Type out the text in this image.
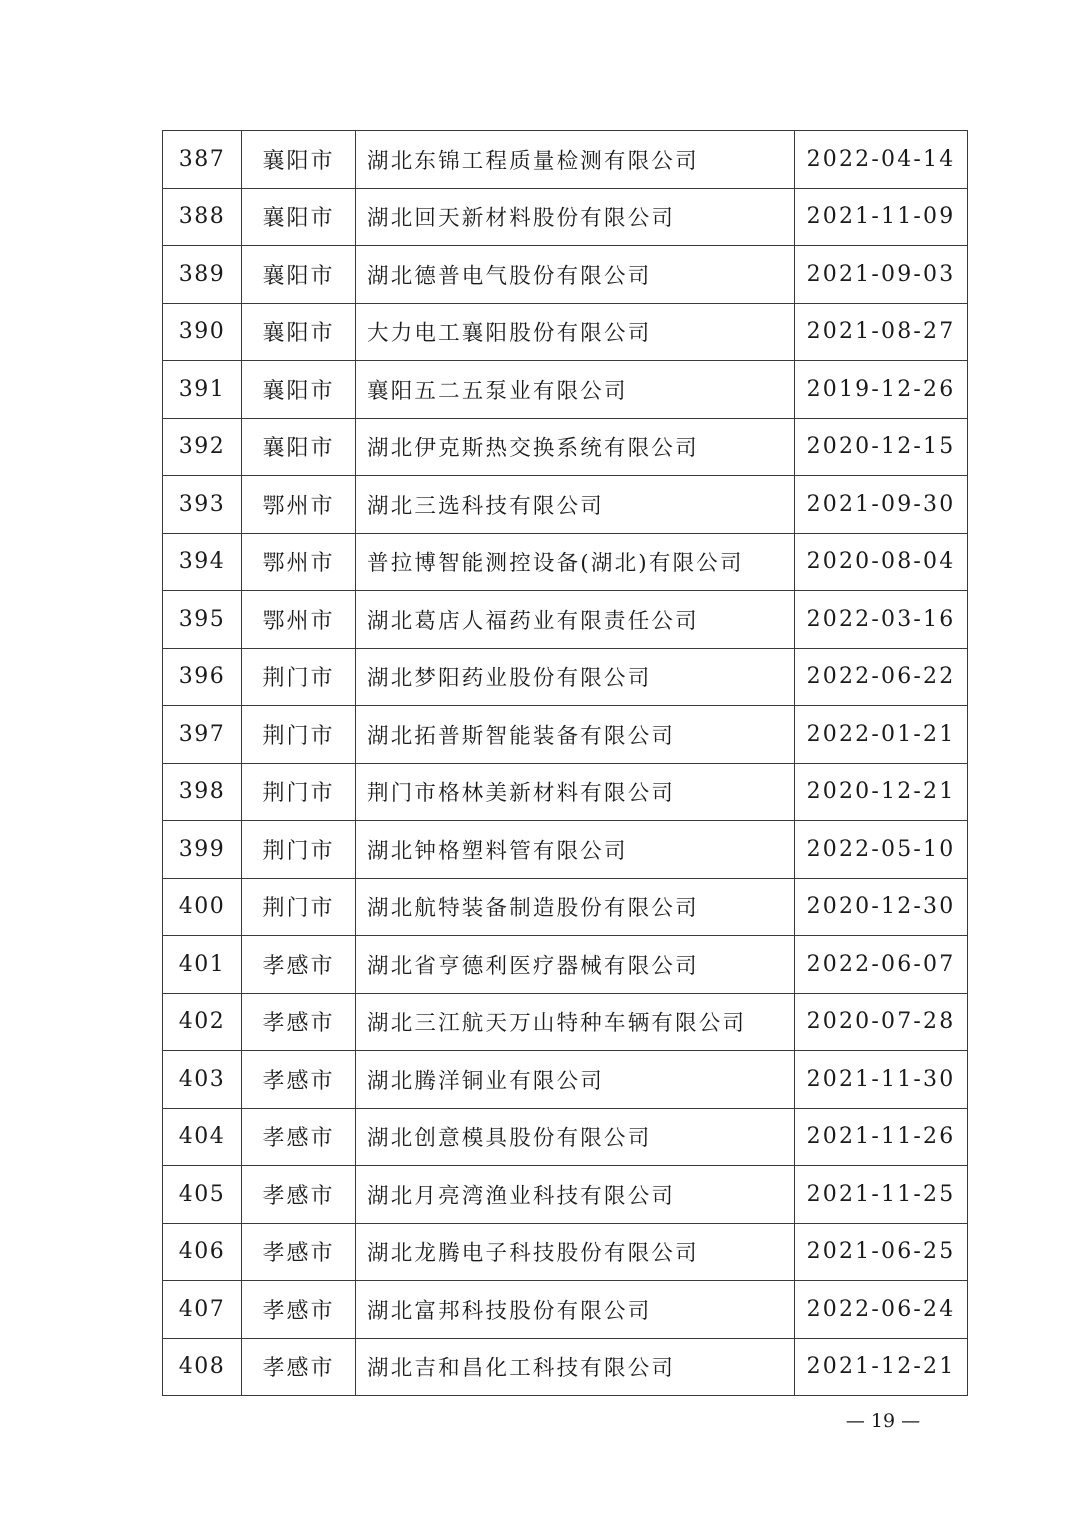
387	襄阳市	湖北东锦工程质量检测有限公司	2022-04-14
388	襄阳市	湖北回天新材料股份有限公司	2021-11-09
389	襄阳市	湖北德普电气股份有限公司	2021-09-03
390	襄阳市	大力电工襄阳股份有限公司	2021-08-27
391	襄阳市	襄阳五二五泵业有限公司	2019-12-26
392	襄阳市	湖北伊克斯热交换系统有限公司	2020-12-15
393	鄂州市	湖北三选科技有限公司	2021-09-30
394	鄂州市	普拉博智能测控设备(湖北)有限公司	2020-08-04
395	鄂州市	湖北葛店人福药业有限责任公司	2022-03-16
396	荆门市	湖北梦阳药业股份有限公司	2022-06-22
397	荆门市	湖北拓普斯智能装备有限公司	2022-01-21
398	荆门市	荆门市格林美新材料有限公司	2020-12-21
399	荆门市	湖北钟格塑料管有限公司	2022-05-10
400	荆门市	湖北航特装备制造股份有限公司	2020-12-30
401	孝感市	湖北省亨德利医疗器械有限公司	2022-06-07
402	孝感市	湖北三江航天万山特种车辆有限公司	2020-07-28
403	孝感市	湖北腾洋铜业有限公司	2021-11-30
404	孝感市	湖北创意模具股份有限公司	2021-11-26
405	孝感市	湖北月亮湾渔业科技有限公司	2021-11-25
406	孝感市	湖北龙腾电子科技股份有限公司	2021-06-25
407	孝感市	湖北富邦科技股份有限公司	2022-06-24
408	孝感市	湖北吉和昌化工科技有限公司	2021-12-21
— 19 —
